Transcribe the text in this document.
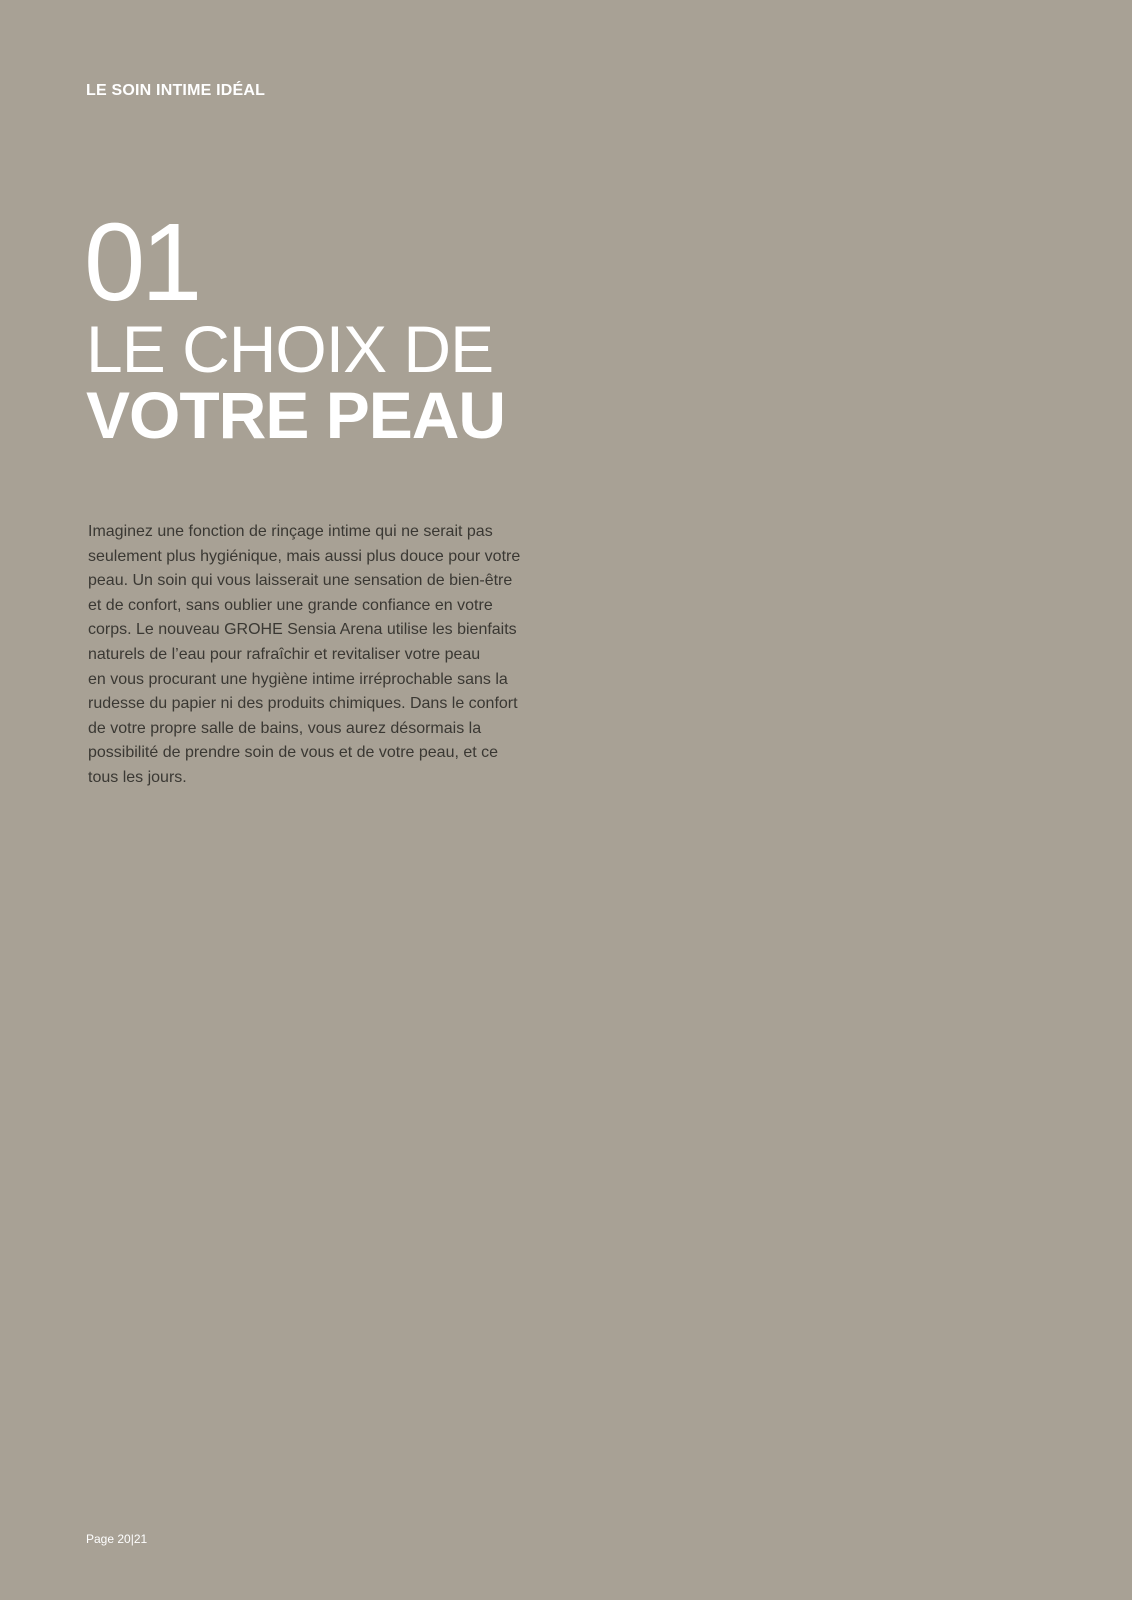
LE SOIN INTIME IDÉAL
01
LE CHOIX DE
VOTRE PEAU
Imaginez une fonction de rinçage intime qui ne serait pas
seulement plus hygiénique, mais aussi plus douce pour votre
peau. Un soin qui vous laisserait une sensation de bien-être
et de confort, sans oublier une grande confiance en votre
corps. Le nouveau GROHE Sensia Arena utilise les bienfaits
naturels de l’eau pour rafraîchir et revitaliser votre peau
en vous procurant une hygiène intime irréprochable sans la
rudesse du papier ni des produits chimiques. Dans le confort
de votre propre salle de bains, vous aurez désormais la
possibilité de prendre soin de vous et de votre peau, et ce
tous les jours.
Page 20|21
